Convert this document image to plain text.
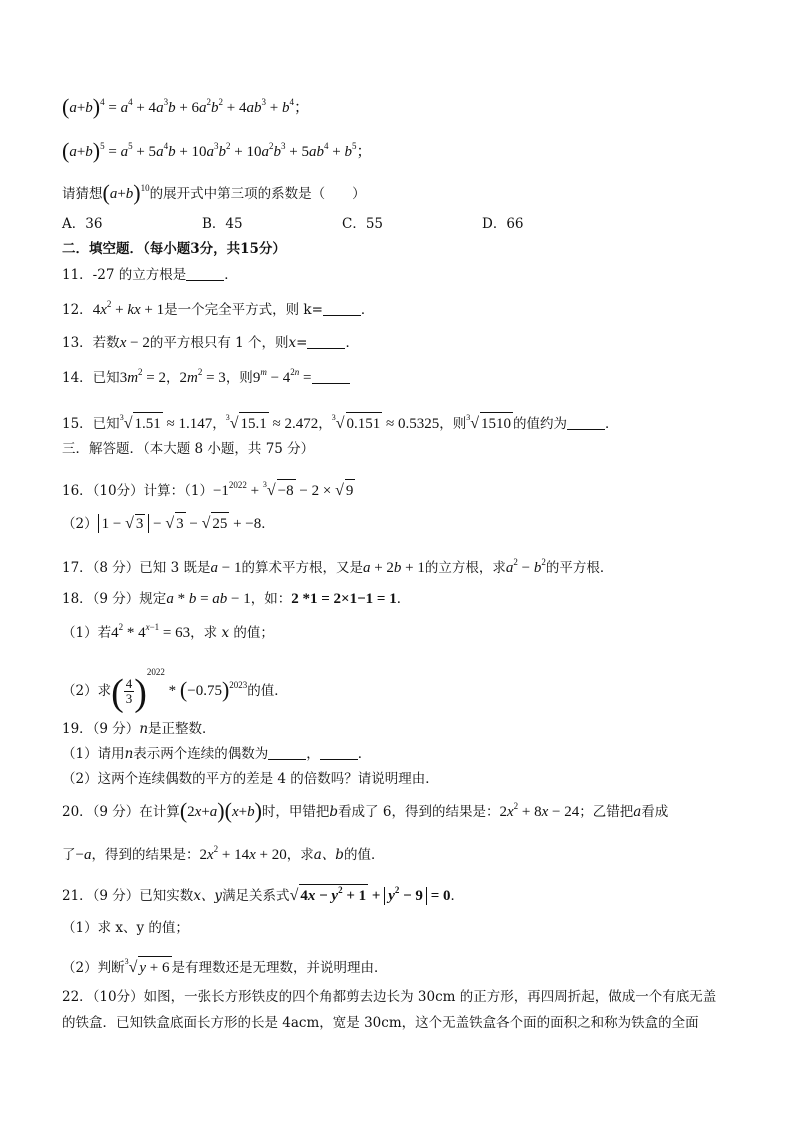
$(a+b)^4 = a^4 + 4a^3b + 6a^2b^2 + 4ab^3 + b^4$；
$(a+b)^5 = a^5 + 5a^4b + 10a^3b^2 + 10a^2b^3 + 5ab^4 + b^5$；
请猜想$(a+b)^{10}$的展开式中第三项的系数是（　　）
A．36	B．45	C．55	D．66
二．填空题．（每小题3分，共15分）
11．-27 的立方根是	．
12．$4x^2$ + kx + 1是一个完全平方式，则 k=	．
13．若数x − 2的平方根只有 1 个，则x=	．
14．已知$3m^2 = 2$，$2m^2 = 3$，则$9^m - 4^{2n}$ =
15．已知$^3$√ 1.51 ≈ 1.147，$^3$√ 15.1 ≈ 2.472，$^3$√ 0.151 ≈ 0.5325，则$^3$√ 1510 的值约为	．
三．解答题．（本大题 8 小题，共 75 分）
16．（10分）计算：$(1)-1^{2022} + ^3√ -8 - 2$ × √ 9
（2） 1 − √ 3 − √ 3 − √ 25 + −8．
17．（8 分）已知 3 既是a − 1的算术平方根，又是a + 2b + 1的立方根，求$a^2 - b^2$的平方根．
18．（9 分）规定a * b = ab − 1，如：2 *1 = 2×1−1 = 1．
（1）若$4^2 * 4^{x-1} = 63$，求 x 的值；
（2）求( $\frac{4}{3} )^{2022} * (-0.75)^{2023}$的值．
19．（9 分）n是正整数．
（1）请用n表示两个连续的偶数为	，	．
（2）这两个连续偶数的平方的差是 4 的倍数吗？请说明理由．
20．（9 分）在计算(2x+a)(x+b)时，甲错把b看成了 6，得到的结果是：$2x^2 + 8x - 24$；乙错把a看成
了−a，得到的结果是：$2x^2 + 14x + 20$，求a、b的值．
21．（9 分）已知实数x、y满足关系式√ $4x - y^2 + 1 + y^2 - 9 = 0$．
（1）求 x、y 的值；
（2）判断$^3$√ y + 6 是有理数还是无理数，并说明理由．
22．（10分）如图，一张长方形铁皮的四个角都剪去边长为 30cm 的正方形，再四周折起，做成一个有底无盖
的铁盒．已知铁盒底面长方形的长是 4acm，宽是 30cm，这个无盖铁盒各个面的面积之和称为铁盒的全面
